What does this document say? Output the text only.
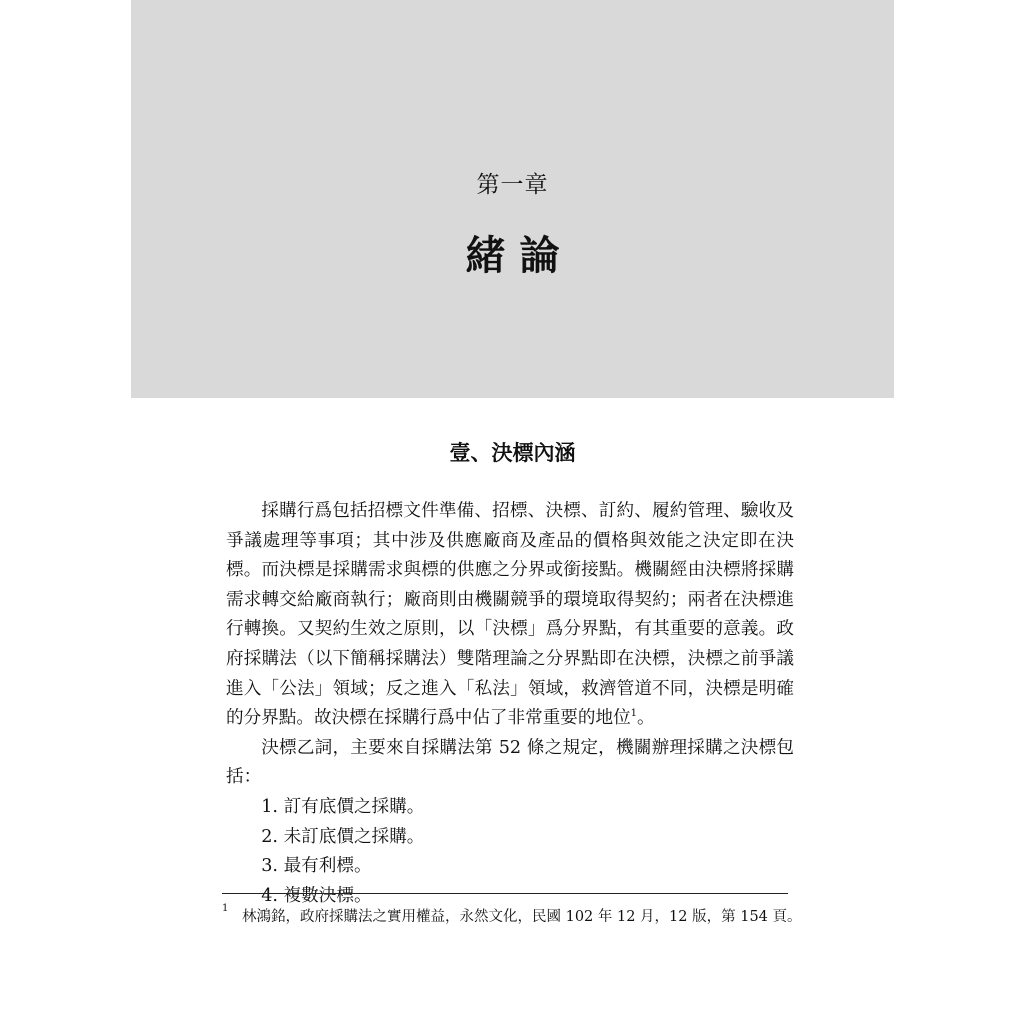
第一章
緒論
壹、決標內涵

採購行爲包括招標文件準備、招標、決標、訂約、履約管理、驗收及爭議處理等事項；其中涉及供應廠商及產品的價格與效能之決定即在決標。而決標是採購需求與標的供應之分界或銜接點。機關經由決標將採購需求轉交給廠商執行；廠商則由機關競爭的環境取得契約；兩者在決標進行轉換。又契約生效之原則，以「決標」爲分界點，有其重要的意義。政府採購法（以下簡稱採購法）雙階理論之分界點即在決標，決標之前爭議進入「公法」領域；反之進入「私法」領域，救濟管道不同，決標是明確的分界點。故決標在採購行爲中佔了非常重要的地位$^1$。

決標乙詞，主要來自採購法第 52 條之規定，機關辦理採購之決標包括：

1. 訂有底價之採購。

2. 未訂底價之採購。

3. 最有利標。

4. 複數決標。

1
林鴻銘，政府採購法之實用權益，永然文化，民國 102 年 12 月，12 版，第 154 頁。
